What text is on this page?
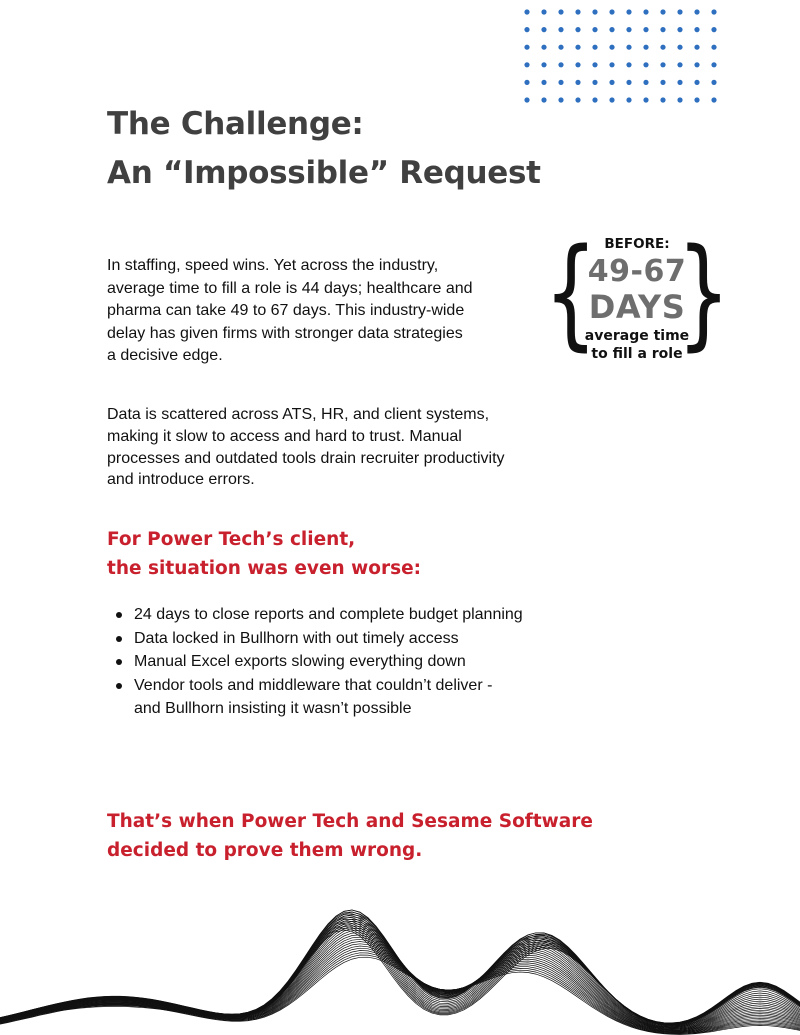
The Challenge:
An “Impossible” Request

In staffing, speed wins. Yet across the industry,
average time to fill a role is 44 days; healthcare and
pharma can take 49 to 67 days. This industry-wide
delay has given firms with stronger data strategies
a decisive edge.	{ }
BEFORE:
49-67
DAYS
average time
to fill a role

Data is scattered across ATS, HR, and client systems,
making it slow to access and hard to trust. Manual
processes and outdated tools drain recruiter productivity
and introduce errors.

For Power Tech’s client,
the situation was even worse:
24 days to close reports and complete budget planning
Data locked in Bullhorn with out timely access
Manual Excel exports slowing everything down
Vendor tools and middleware that couldn’t deliver -
and Bullhorn insisting it wasn’t possible
That’s when Power Tech and Sesame Software
decided to prove them wrong.
